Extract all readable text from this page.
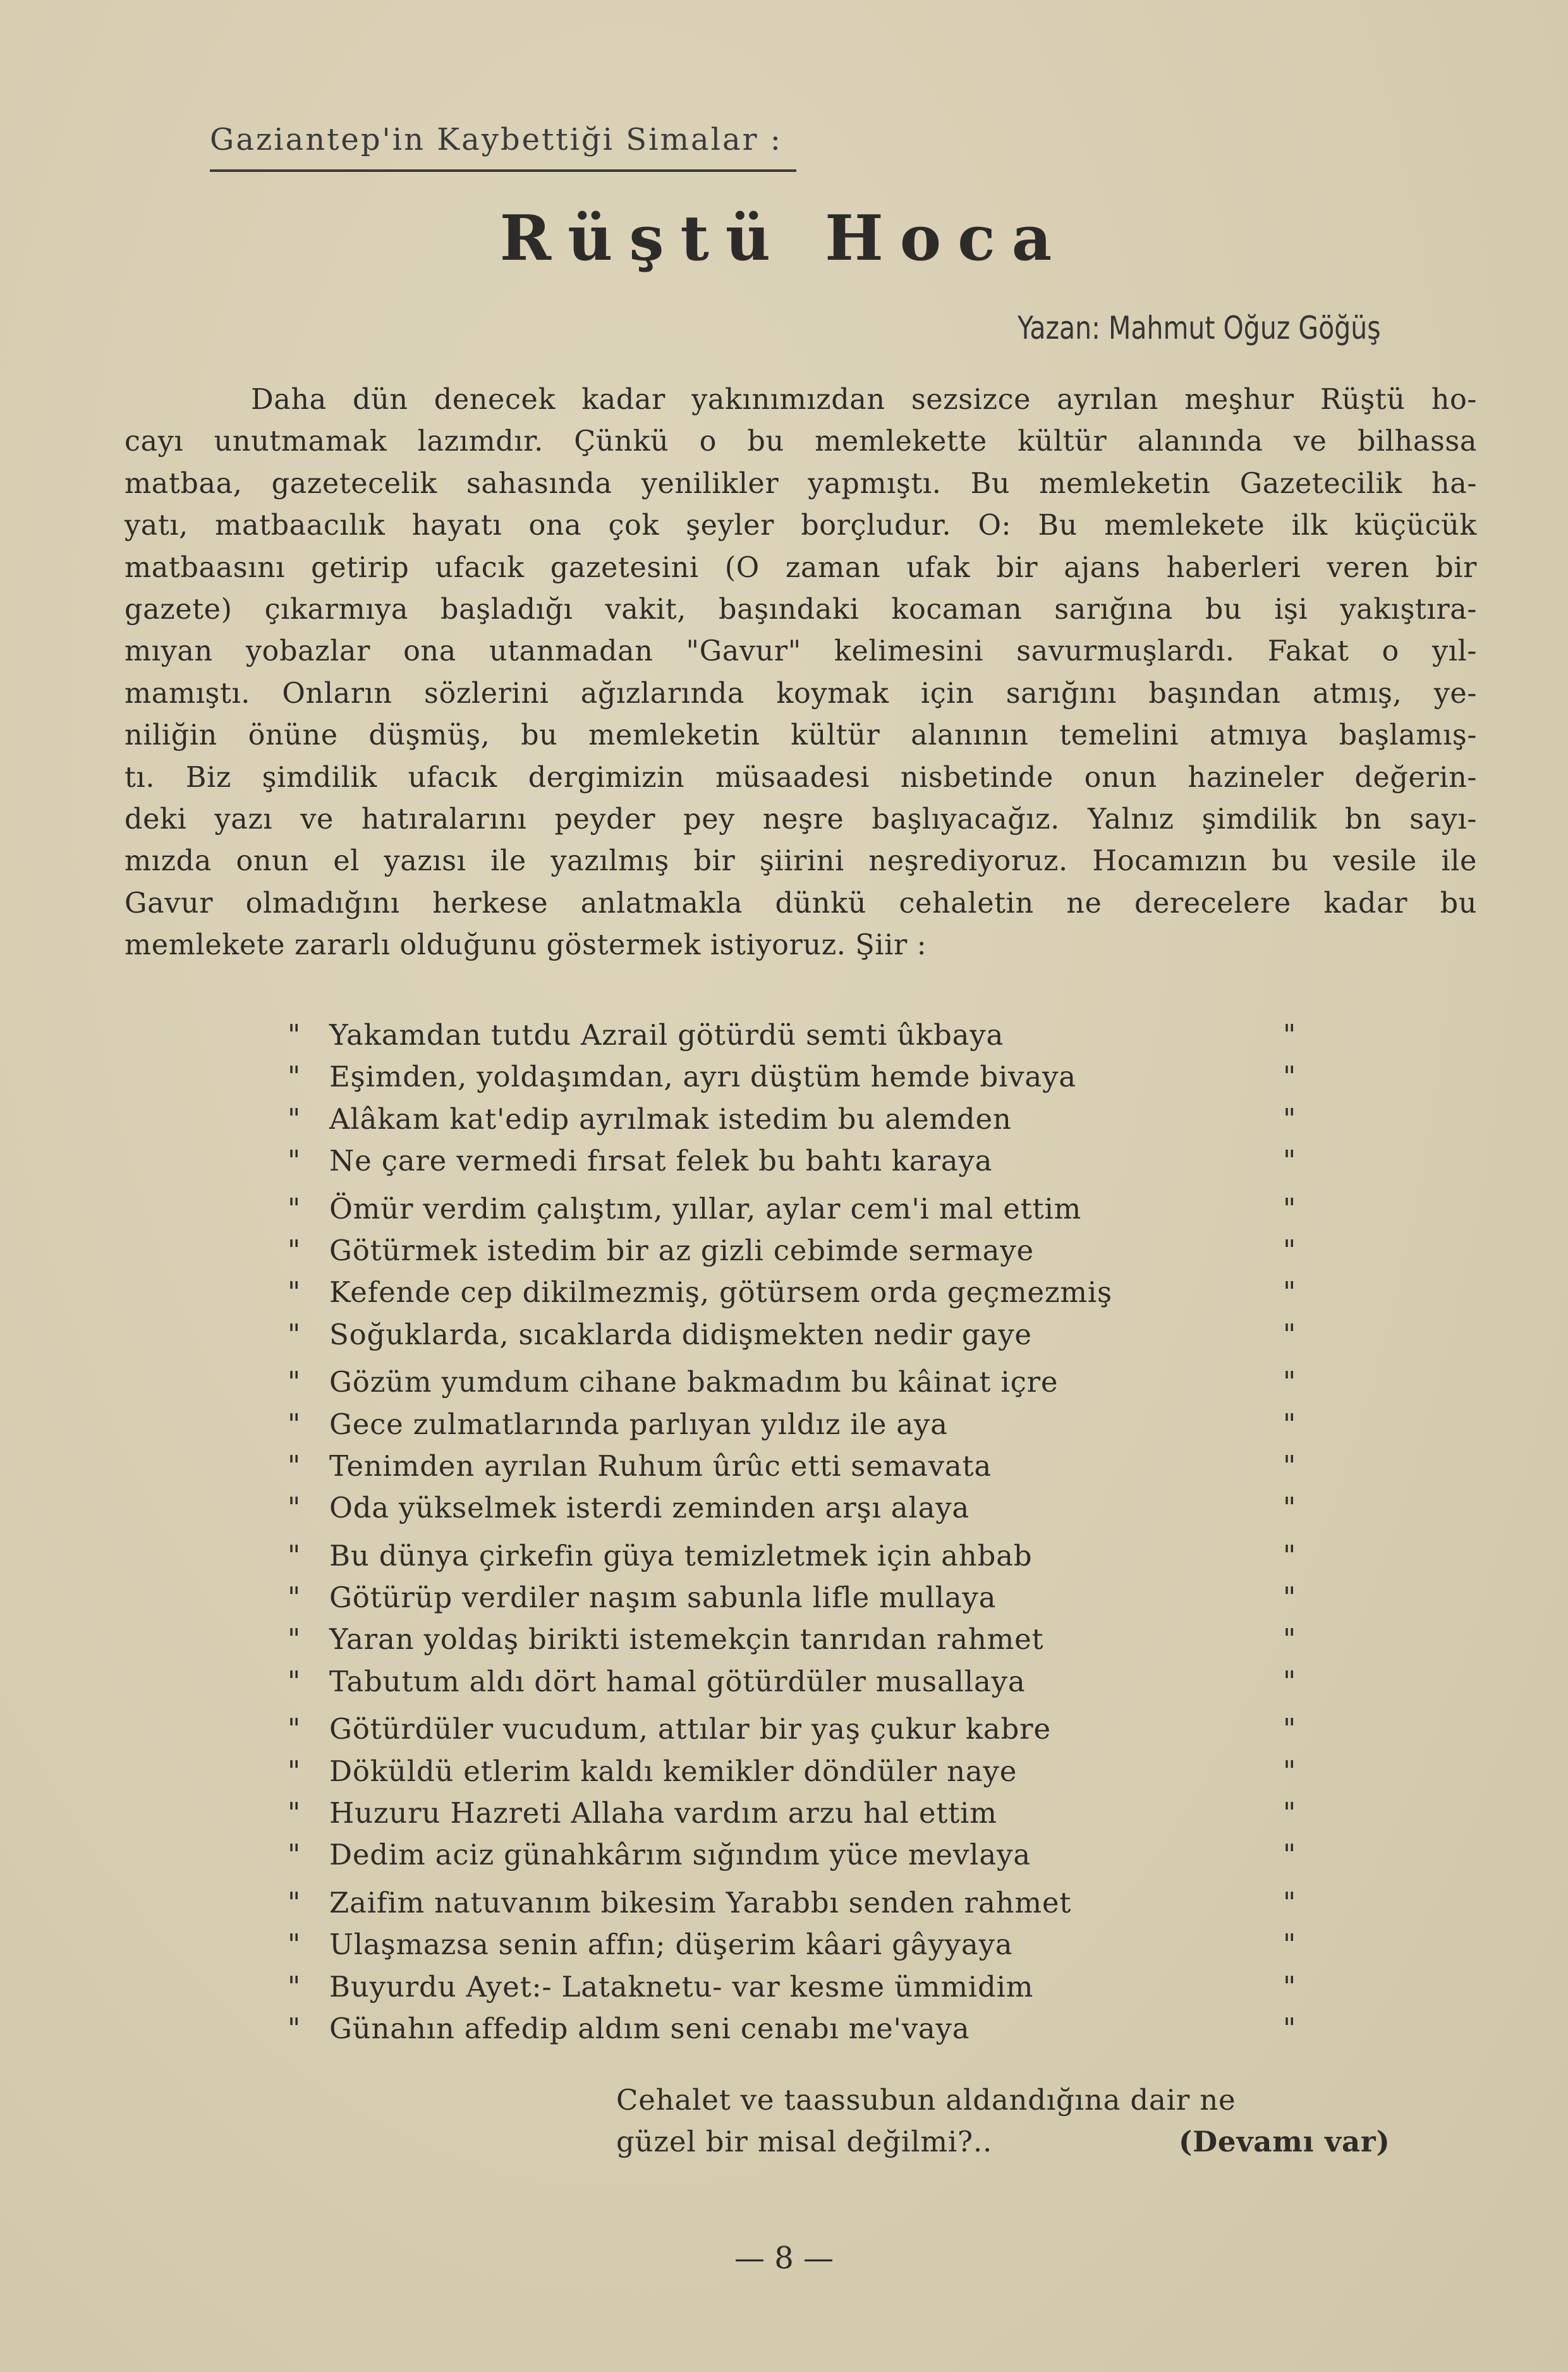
Gaziantep'in Kaybettiği Simalar :
Rüştü Hoca
Yazan: Mahmut Oğuz Göğüş
Daha dün denecek kadar yakınımızdan sezsizce ayrılan meşhur Rüştü ho-
cayı unutmamak lazımdır. Çünkü o bu memlekette kültür alanında ve bilhassa
matbaa, gazetecelik sahasında yenilikler yapmıştı. Bu memleketin Gazetecilik ha-
yatı, matbaacılık hayatı ona çok şeyler borçludur. O: Bu memlekete ilk küçücük
matbaasını getirip ufacık gazetesini (O zaman ufak bir ajans haberleri veren bir
gazete) çıkarmıya başladığı vakit, başındaki kocaman sarığına bu işi yakıştıra-
mıyan yobazlar ona utanmadan "Gavur" kelimesini savurmuşlardı. Fakat o yıl-
mamıştı. Onların sözlerini ağızlarında koymak için sarığını başından atmış, ye-
niliğin önüne düşmüş, bu memleketin kültür alanının temelini atmıya başlamış-
tı. Biz şimdilik ufacık dergimizin müsaadesi nisbetinde onun hazineler değerin-
deki yazı ve hatıralarını peyder pey neşre başlıyacağız. Yalnız şimdilik bn sayı-
mızda onun el yazısı ile yazılmış bir şiirini neşrediyoruz. Hocamızın bu vesile ile
Gavur olmadığını herkese anlatmakla dünkü cehaletin ne derecelere kadar bu
memlekete zararlı olduğunu göstermek istiyoruz. Şiir :
" Yakamdan tutdu Azrail götürdü semti ûkbaya	"
" Eşimden, yoldaşımdan, ayrı düştüm hemde bivaya	"
" Alâkam kat'edip ayrılmak istedim bu alemden	"
" Ne çare vermedi fırsat felek bu bahtı karaya	"
" Ömür verdim çalıştım, yıllar, aylar cem'i mal ettim	"
" Götürmek istedim bir az gizli cebimde sermaye	"
" Kefende cep dikilmezmiş, götürsem orda geçmezmiş	"
" Soğuklarda, sıcaklarda didişmekten nedir gaye	"
" Gözüm yumdum cihane bakmadım bu kâinat içre	"
" Gece zulmatlarında parlıyan yıldız ile aya	"
" Tenimden ayrılan Ruhum ûrûc etti semavata	"
" Oda yükselmek isterdi zeminden arşı alaya	"
" Bu dünya çirkefin güya temizletmek için ahbab	"
" Götürüp verdiler naşım sabunla lifle mullaya	"
" Yaran yoldaş birikti istemekçin tanrıdan rahmet	"
" Tabutum aldı dört hamal götürdüler musallaya	"
" Götürdüler vucudum, attılar bir yaş çukur kabre	"
" Döküldü etlerim kaldı kemikler döndüler naye	"
" Huzuru Hazreti Allaha vardım arzu hal ettim	"
" Dedim aciz günahkârım sığındım yüce mevlaya	"
" Zaifim natuvanım bikesim Yarabbı senden rahmet	"
" Ulaşmazsa senin affın; düşerim kâari gâyyaya	"
" Buyurdu Ayet:- Lataknetu- var kesme ümmidim	"
" Günahın affedip aldım seni cenabı me'vaya	"
Cehalet ve taassubun aldandığına dair ne
güzel bir misal değilmi?..	(Devamı var)
— 8 —
